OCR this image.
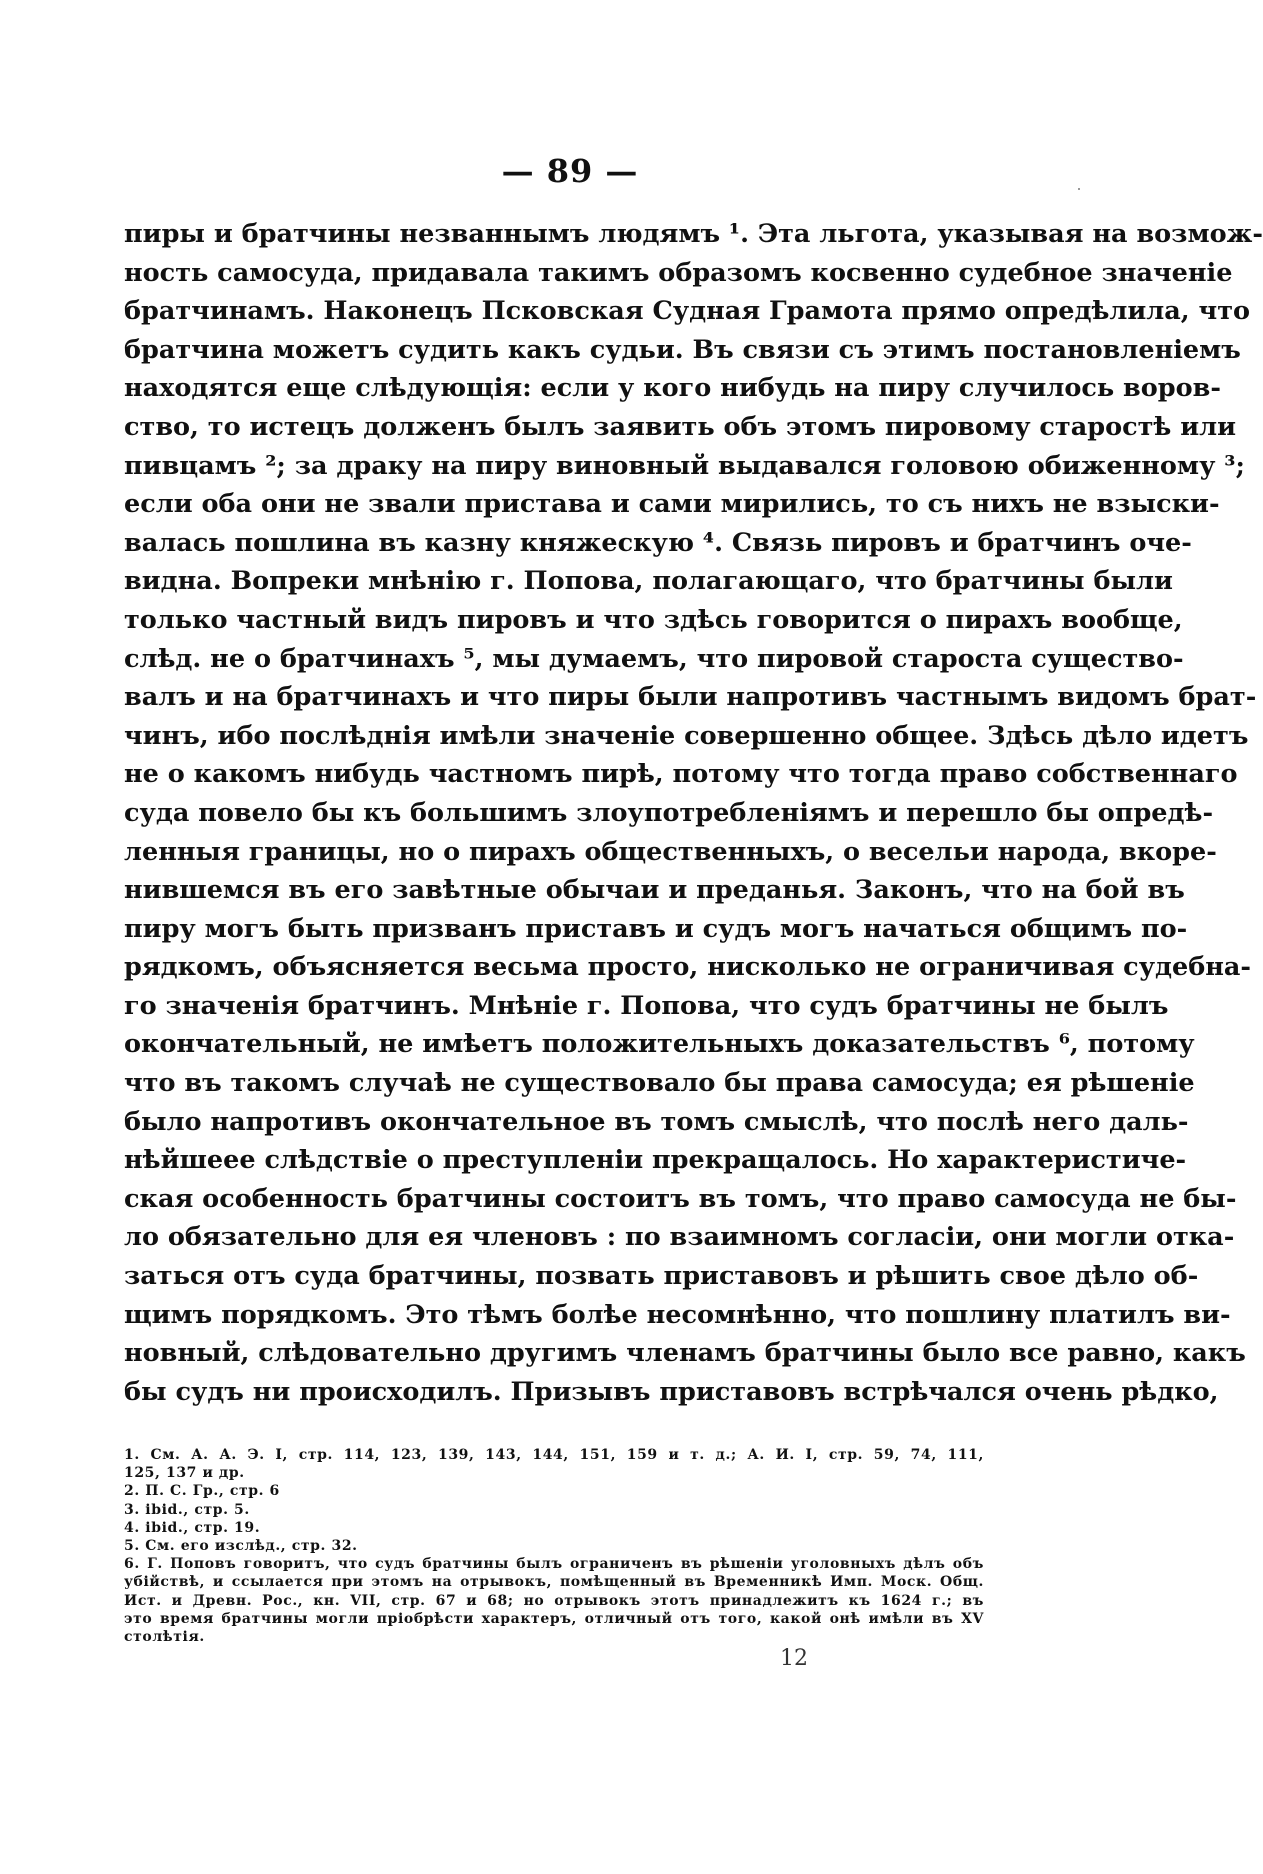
— 89 —
пиры и братчины незваннымъ людямъ ¹. Эта льгота, указывая на возмож-
ность самосуда, придавала такимъ образомъ косвенно судебное значенiе
братчинамъ. Наконецъ Псковская Судная Грамота прямо опредѣлила, что
братчина можетъ судить какъ судьи. Въ связи съ этимъ постановленiемъ
находятся еще слѣдующiя: если у кого нибудь на пиру случилось воров-
ство, то истецъ долженъ былъ заявить объ этомъ пировому старостѣ или
пивцамъ ²; за драку на пиру виновный выдавался головою обиженному ³;
если оба они не звали пристава и сами мирились, то съ нихъ не взыски-
валась пошлина въ казну княжескую ⁴. Связь пировъ и братчинъ оче-
видна. Вопреки мнѣнiю г. Попова, полагающаго, что братчины были
только частный видъ пировъ и что здѣсь говорится о пирахъ вообще,
слѣд. не о братчинахъ ⁵, мы думаемъ, что пировой староста существо-
валъ и на братчинахъ и что пиры были напротивъ частнымъ видомъ брат-
чинъ, ибо послѣднiя имѣли значенiе совершенно общее. Здѣсь дѣло идетъ
не о какомъ нибудь частномъ пирѣ, потому что тогда право собственнаго
суда повело бы къ большимъ злоупотребленiямъ и перешло бы опредѣ-
ленныя границы, но о пирахъ общественныхъ, о весельи народа, вкоре-
нившемся въ его завѣтные обычаи и преданья. Законъ, что на бой въ
пиру могъ быть призванъ приставъ и судъ могъ начаться общимъ по-
рядкомъ, объясняется весьма просто, нисколько не ограничивая судебна-
го значенiя братчинъ. Мнѣнiе г. Попова, что судъ братчины не былъ
окончательный, не имѣетъ положительныхъ доказательствъ ⁶, потому
что въ такомъ случаѣ не существовало бы права самосуда; ея рѣшенiе
было напротивъ окончательное въ томъ смыслѣ, что послѣ него даль-
нѣйшееe слѣдствiе о преступленiи прекращалось. Но характеристиче-
ская особенность братчины состоитъ въ томъ, что право самосуда не бы-
ло обязательно для ея членовъ : по взаимномъ согласiи, они могли отка-
заться отъ суда братчины, позвать приставовъ и рѣшить свое дѣло об-
щимъ порядкомъ. Это тѣмъ болѣе несомнѣнно, что пошлину платилъ ви-
новный, слѣдовательно другимъ членамъ братчины было все равно, какъ
бы судъ ни происходилъ. Призывъ приставовъ встрѣчался очень рѣдко,
1. См. А. А. Э. I, стр. 114, 123, 139, 143, 144, 151, 159 и т. д.; А. И. I, стр. 59, 74, 111,
125, 137 и др.
2. П. С. Гр., стр. 6
3. ibid., стр. 5.
4. ibid., стр. 19.
5. См. его изслѣд., стр. 32.
6. Г. Поповъ говоритъ, что судъ братчины былъ ограниченъ въ рѣшенiи уголовныхъ дѣлъ объ
убiйствѣ, и ссылается при этомъ на отрывокъ, помѣщенный въ Временникѣ Имп. Моск. Общ.
Ист. и Древн. Рос., кн. VII, стр. 67 и 68; но отрывокъ этотъ принадлежитъ къ 1624 г.; въ
это время братчины могли прiобрѣсти характеръ, отличный отъ того, какой онѣ имѣли въ XV
столѣтiя.
12
